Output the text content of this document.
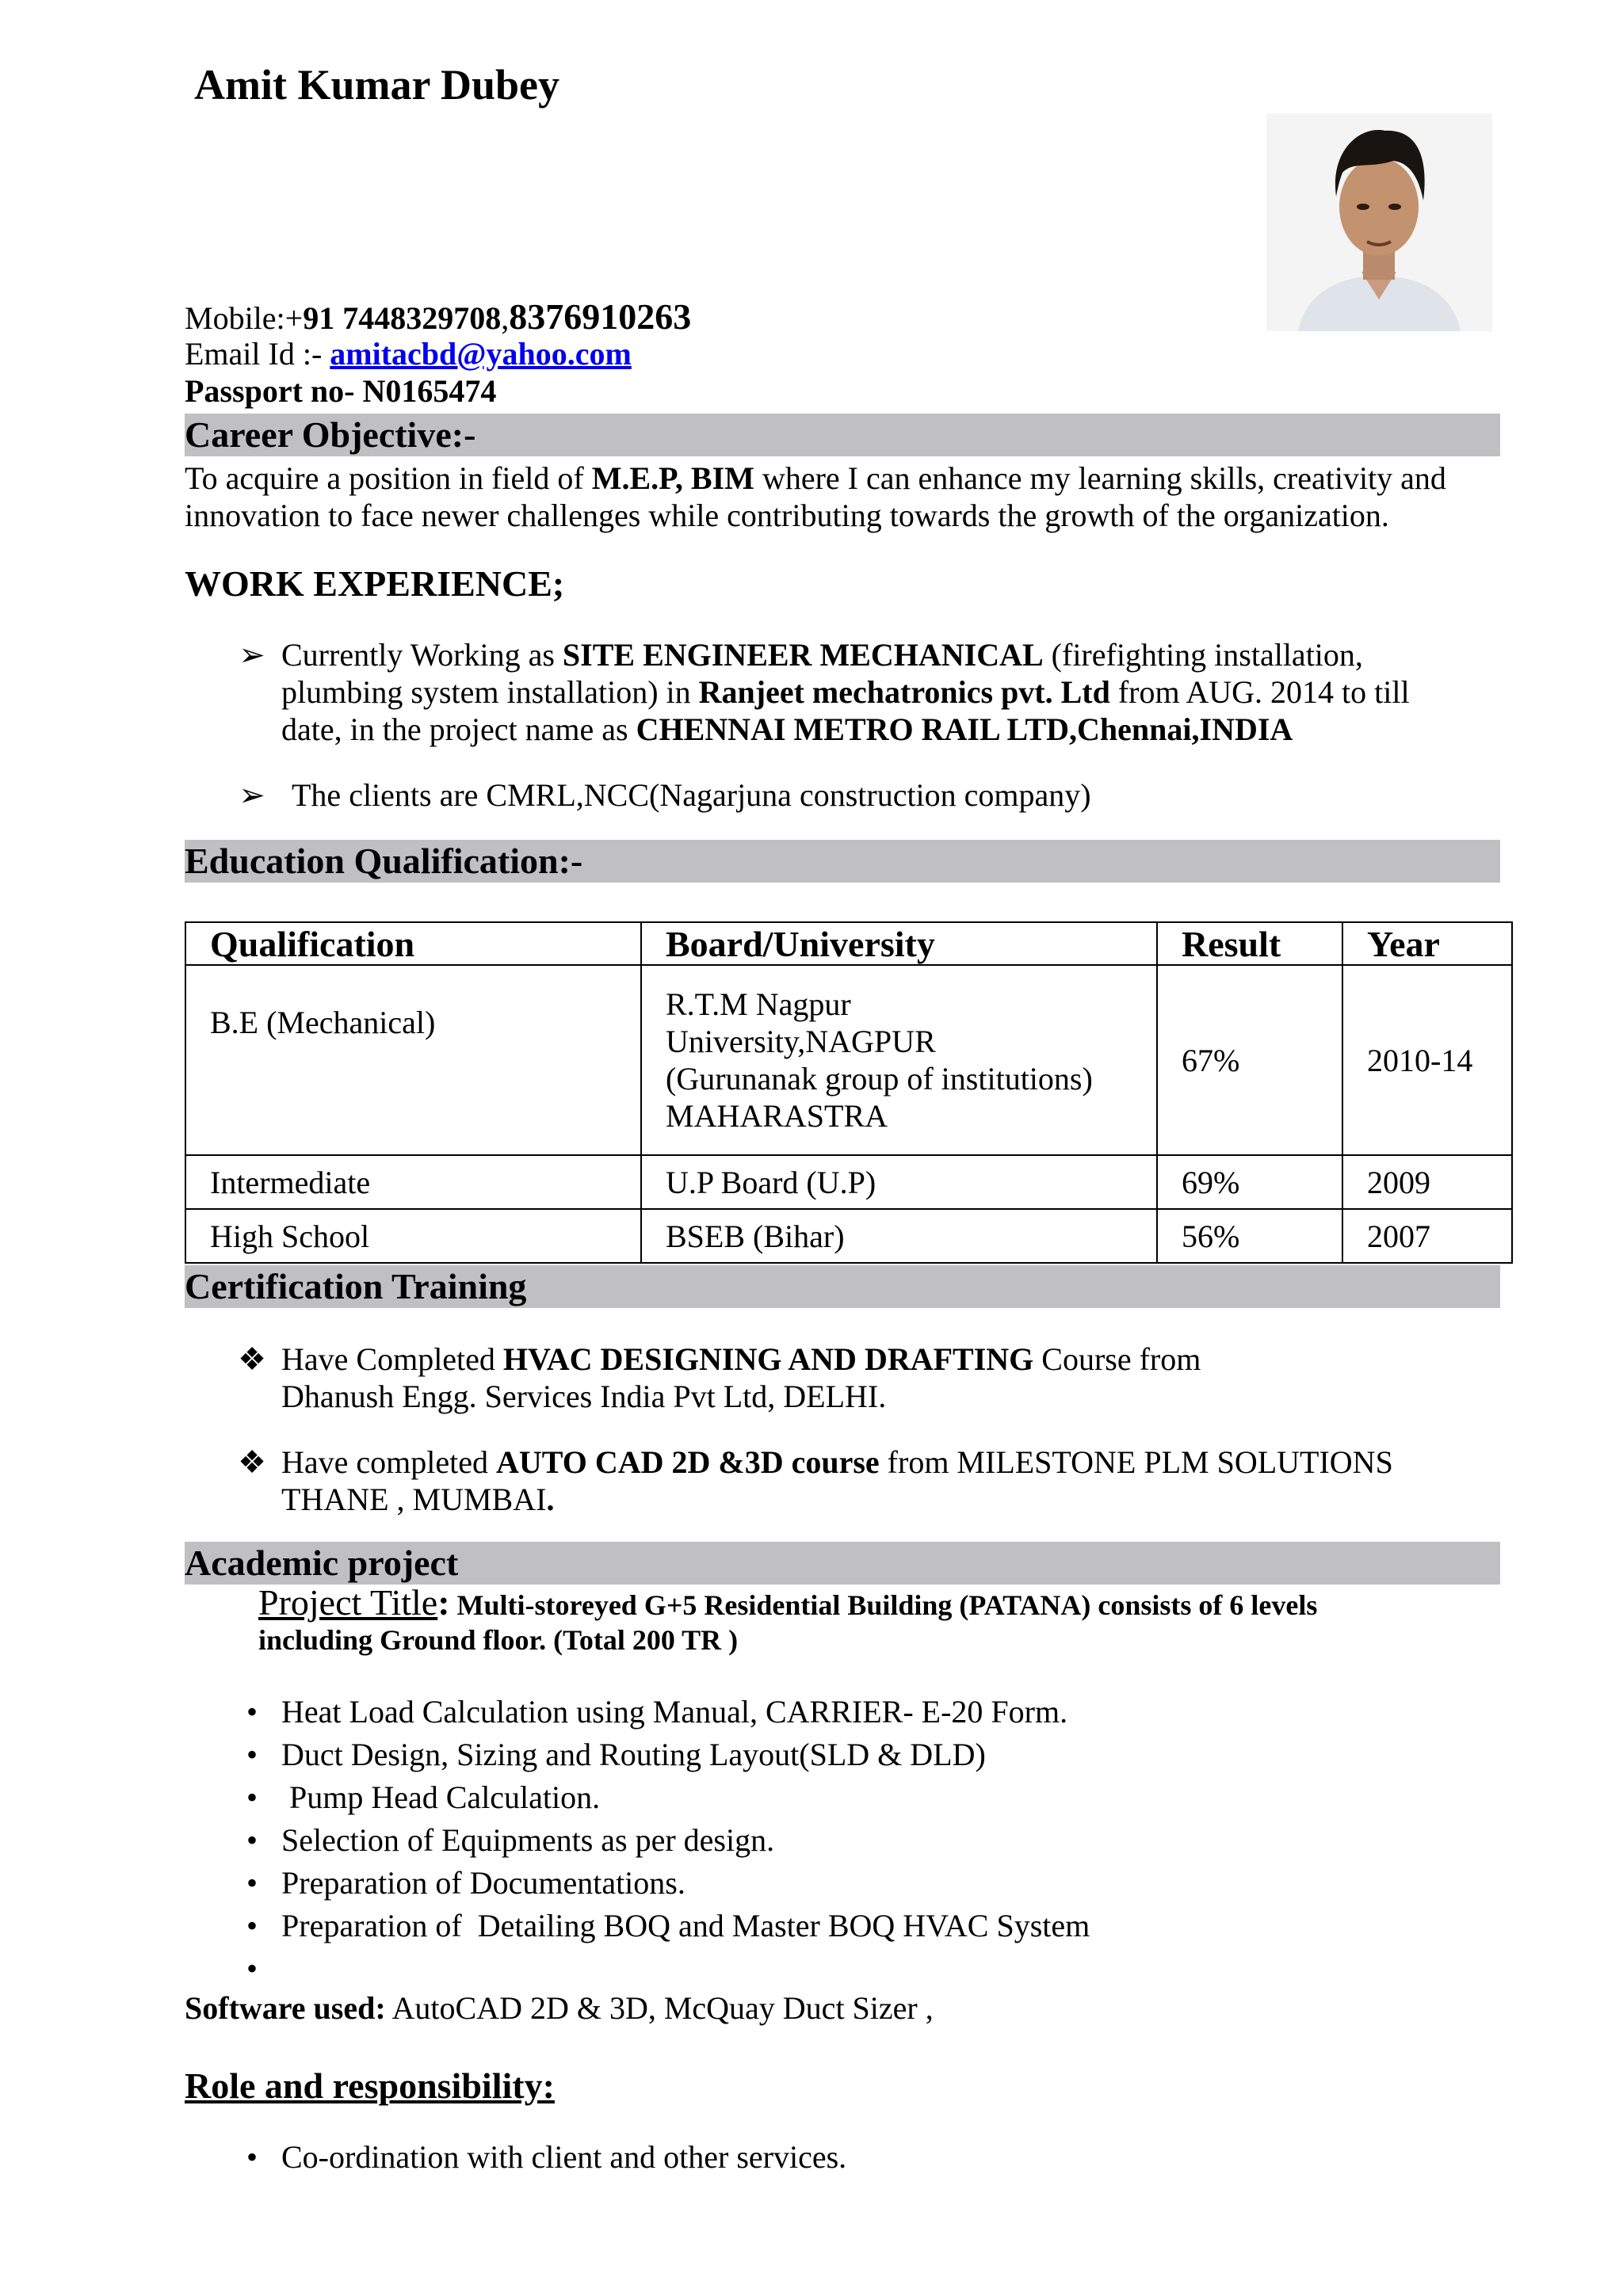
Amit Kumar Dubey
Mobile:+91 7448329708,8376910263
Email Id :- amitacbd@yahoo.com
Passport no- N0165474
Career Objective:-
To acquire a position in field of M.E.P, BIM where I can enhance my learning skills, creativity and
innovation to face newer challenges while contributing towards the growth of the organization.
WORK EXPERIENCE;
➢ Currently Working as SITE ENGINEER MECHANICAL (firefighting installation,
plumbing system installation) in Ranjeet mechatronics pvt. Ltd from AUG. 2014 to till
date, in the project name as CHENNAI METRO RAIL LTD,Chennai,INDIA
➢ The clients are CMRL,NCC(Nagarjuna construction company)
Education Qualification:-
Qualification	Board/University	Result	Year
B.E (Mechanical)	R.T.M Nagpur
University,NAGPUR
(Gurunanak group of institutions)
MAHARASTRA	67%	2010-14
Intermediate	U.P Board (U.P)	69%	2009
High School	BSEB (Bihar)	56%	2007
Certification Training
❖ Have Completed HVAC DESIGNING AND DRAFTING Course from
Dhanush Engg. Services India Pvt Ltd, DELHI.
❖ Have completed AUTO CAD 2D &3D course from MILESTONE PLM SOLUTIONS
THANE , MUMBAI.
Academic project
Project Title: Multi-storeyed G+5 Residential Building (PATANA) consists of 6 levels
including Ground floor. (Total 200 TR )
• Heat Load Calculation using Manual, CARRIER- E-20 Form.
• Duct Design, Sizing and Routing Layout(SLD & DLD)
• Pump Head Calculation.
• Selection of Equipments as per design.
• Preparation of Documentations.
• Preparation of  Detailing BOQ and Master BOQ HVAC System
•
Software used: AutoCAD 2D & 3D, McQuay Duct Sizer ,
Role and responsibility:
• Co-ordination with client and other services.
